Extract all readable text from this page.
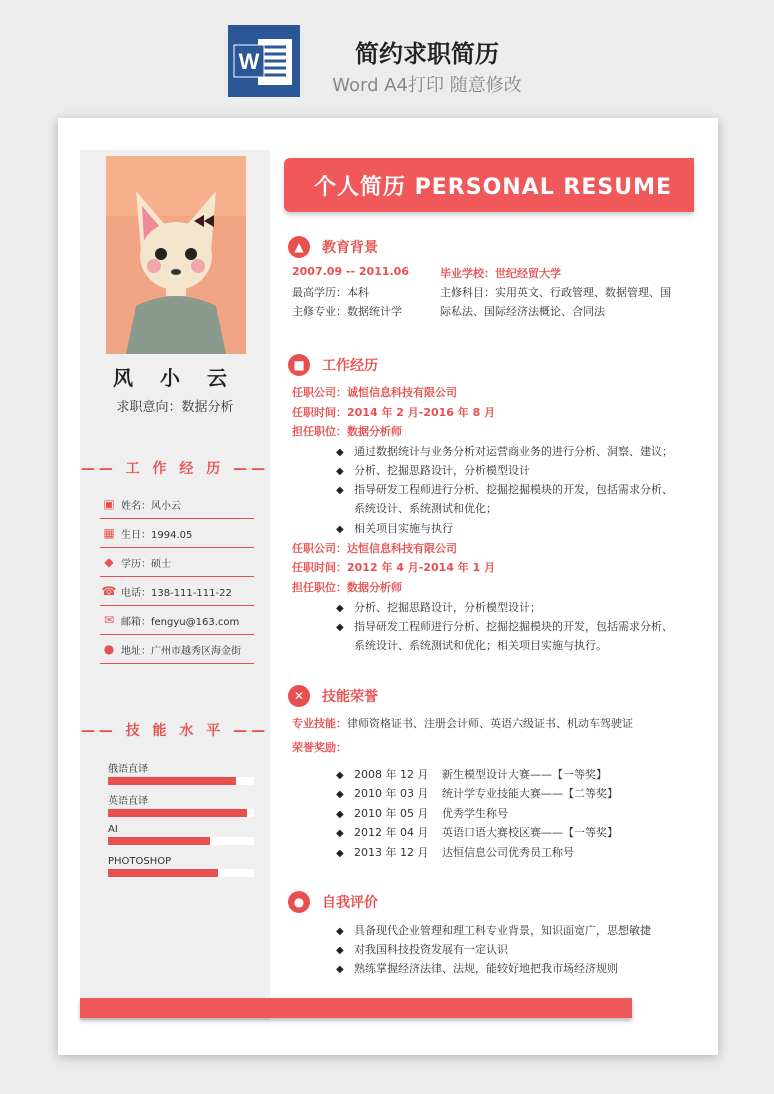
W	简约求职简历
Word A4打印 随意修改
风 小 云
求职意向：数据分析
—— 工 作 经 历 ——
▣ 姓名：风小云
▦ 生日：1994.05
◆ 学历：硕士
☎ 电话：138-111-111-22
✉ 邮箱：fengyu@163.com
● 地址：广州市越秀区海金街
—— 技 能 水 平 ——
俄语直译
英语直译
AI
PHOTOSHOP
个人简历 PERSONAL RESUME
▲	教育背景
2007.09 -- 2011.06	毕业学校：世纪经贸大学
最高学历：本科	主修科目：实用英文、行政管理、数据管理、国
主修专业：数据统计学	际私法、国际经济法概论、合同法
■	工作经历
任职公司：诚恒信息科技有限公司
任职时间：2014 年 2 月-2016 年 8 月
担任职位：数据分析师
◆ 通过数据统计与业务分析对运营商业务的进行分析、洞察、建议；
◆ 分析、挖掘思路设计，分析模型设计
◆ 指导研发工程师进行分析、挖掘挖掘模块的开发，包括需求分析、
系统设计、系统测试和优化；
◆ 相关项目实施与执行
任职公司：达恒信息科技有限公司
任职时间：2012 年 4 月-2014 年 1 月
担任职位：数据分析师
◆ 分析、挖掘思路设计，分析模型设计；
◆ 指导研发工程师进行分析、挖掘挖掘模块的开发，包括需求分析、
系统设计、系统测试和优化；相关项目实施与执行。
✕	技能荣誉
专业技能：律师资格证书、注册会计师、英语六级证书、机动车驾驶证
荣誉奖励：
◆ 2008 年 12 月 新生模型设计大赛——【一等奖】
◆ 2010 年 03 月 统计学专业技能大赛——【二等奖】
◆ 2010 年 05 月 优秀学生称号
◆ 2012 年 04 月 英语口语大赛校区赛——【一等奖】
◆ 2013 年 12 月 达恒信息公司优秀员工称号
●	自我评价
◆ 具备现代企业管理和理工科专业背景，知识面宽广，思想敏捷
◆ 对我国科技投资发展有一定认识
◆ 熟练掌握经济法律、法规，能较好地把我市场经济规则
